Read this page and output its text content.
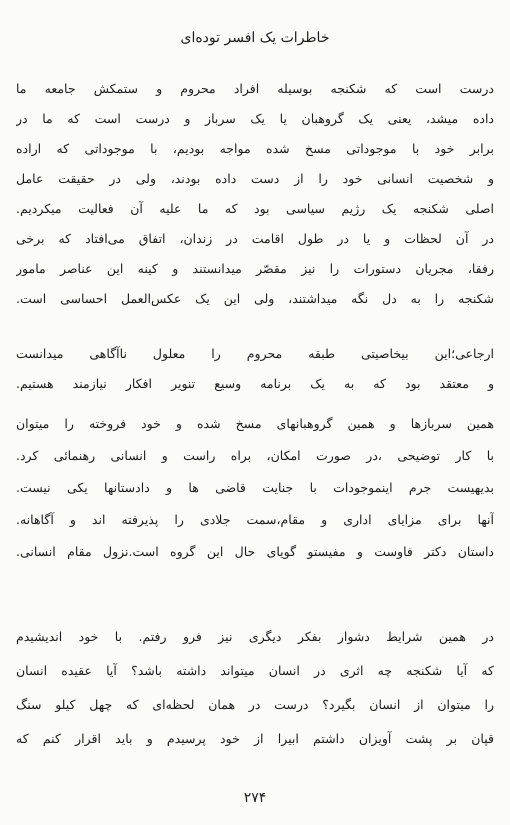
خاطرات یک افسر توده‌ای
درست است که شکنجه بوسیله افراد محروم و ستمکش جامعه ما
داده میشد، یعنی یک گروهبان یا یک سرباز و درست است که ما در
برابر خود با موجوداتی مسخ شده مواجه بودیم، با موجوداتی که اراده
و شخصیت انسانی خود را از دست داده بودند، ولی در حقیقت عامل
اصلی شکنجه یک رژیم سیاسی بود که ما علیه آن فعالیت میکردیم.
در آن لحظات و یا در طول اقامت در زندان، اتفاق می‌افتاد که برخی
رفقا، مجریان دستورات را نیز مقصّر میدانستند و کینه این عناصر مامور
شکنجه را به دل نگه میداشتند، ولی این یک عکس‌العمل احساسی است.
ارجاعی؛این بیخاصیتی طبقه محروم را معلول ناآگاهی میدانست
و معتقد بود که به یک برنامه وسیع تنویر افکار نیازمند هستیم.
همین سربازها و همین گروهبانهای مسخ شده و خود فروخته را میتوان
با کار توضیحی ،در صورت امکان، براه راست و انسانی رهنمائی کرد.
بدیهیست جرم اینموجودات با جنایت قاضی ها و دادستانها یکی نیست.
آنها برای مزایای اداری و مقام،سمت جلادی را پذیرفته اند و آگاهانه.
داستان دکتر فاوست و مفیستو گویای حال این گروه است.نزول مقام انسانی.
در همین شرایط دشوار بفکر دیگری نیز فرو رفتم. با خود اندیشیدم
که آیا شکنجه چه اثری در انسان میتواند داشته باشد؟ آیا عقیده انسان
را میتوان از انسان بگیرد؟ درست در همان لحظه‌ای که چهل کیلو سنگ
قپان بر پشت آویزان داشتم ابیرا از خود پرسیدم و باید اقرار کنم که
۲۷۴
